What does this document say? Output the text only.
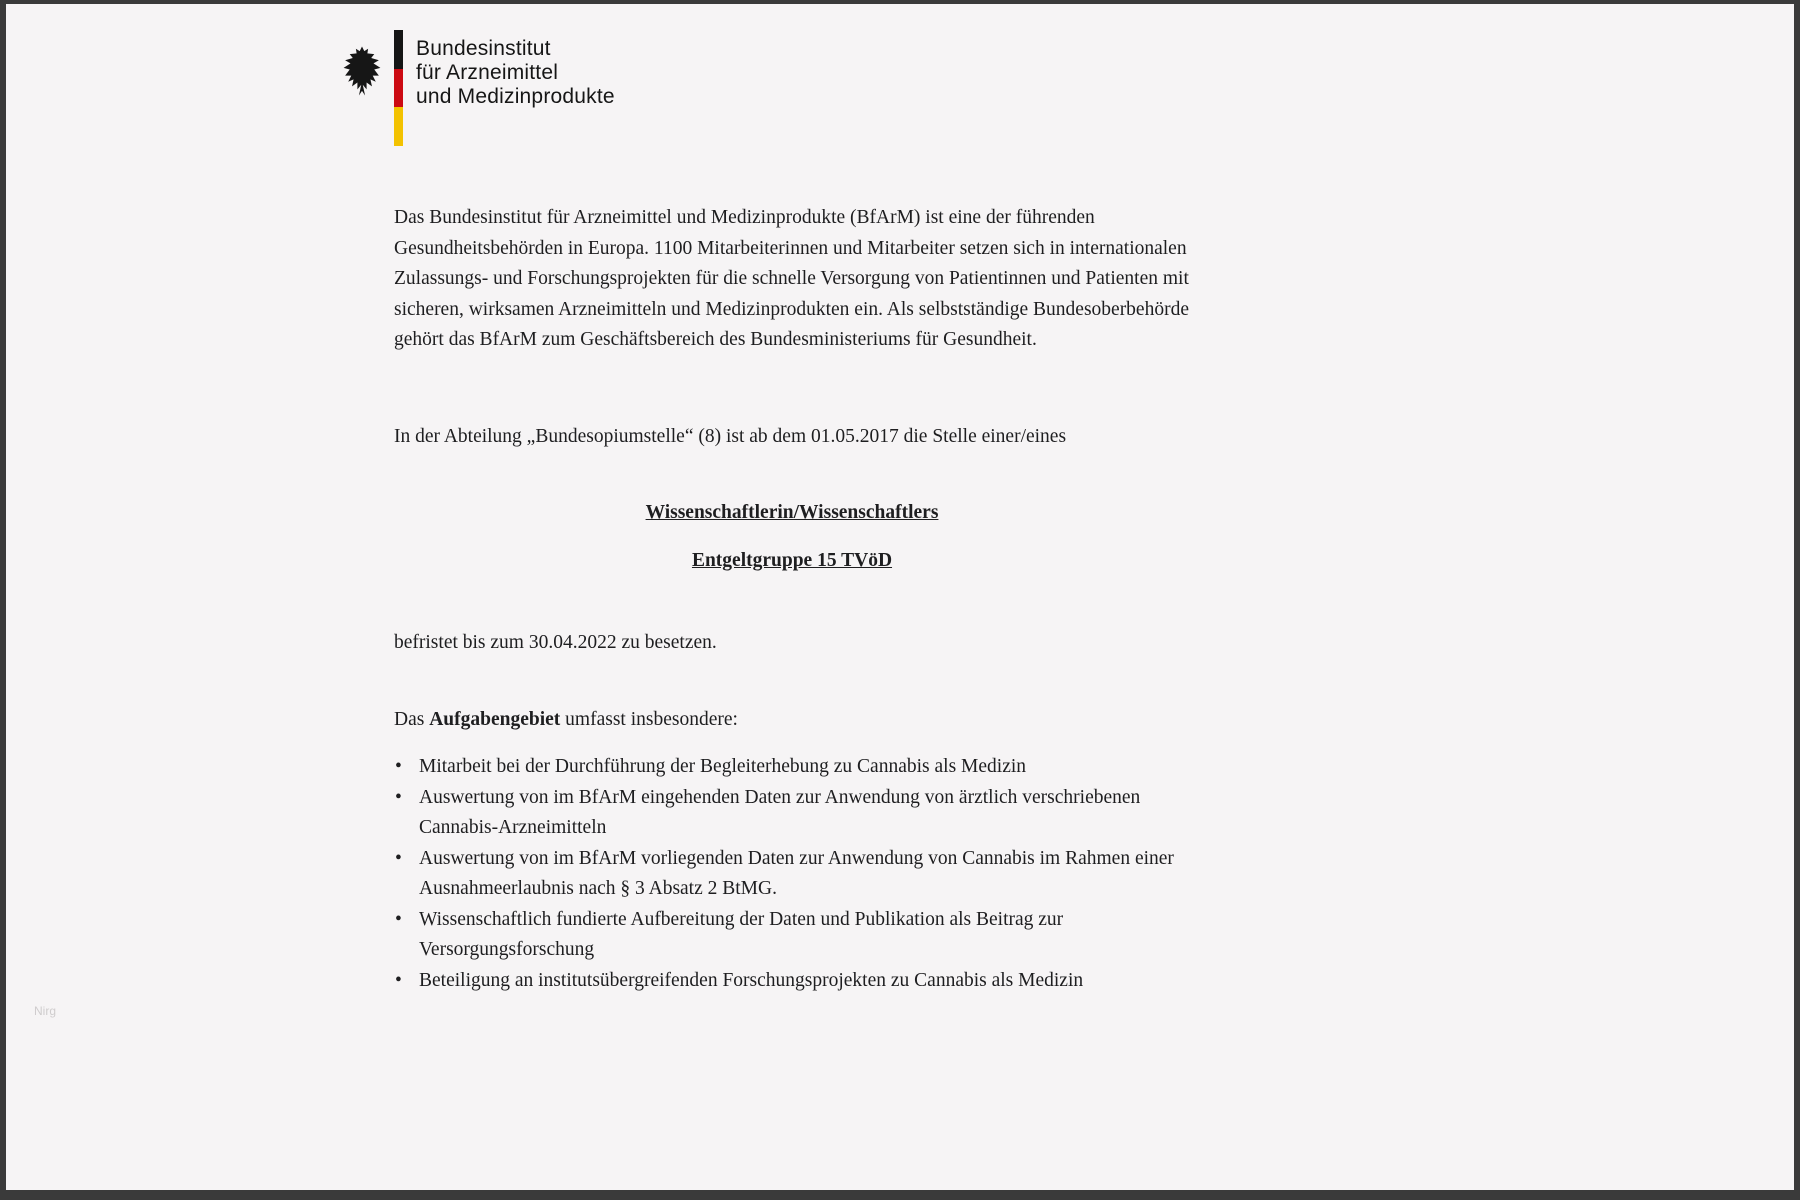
Bundesinstitut
für Arzneimittel
und Medizinprodukte

Das Bundesinstitut für Arzneimittel und Medizinprodukte (BfArM) ist eine der führenden Gesundheitsbehörden in Europa. 1100 Mitarbeiterinnen und Mitarbeiter setzen sich in internationalen Zulassungs- und Forschungsprojekten für die schnelle Versorgung von Patientinnen und Patienten mit sicheren, wirksamen Arzneimitteln und Medizinprodukten ein. Als selbstständige Bundesoberbehörde gehört das BfArM zum Geschäftsbereich des Bundesministeriums für Gesundheit.

In der Abteilung „Bundesopiumstelle“ (8) ist ab dem 01.05.2017 die Stelle einer/eines

Wissenschaftlerin/Wissenschaftlers

Entgeltgruppe 15 TVöD

befristet bis zum 30.04.2022 zu besetzen.

Das Aufgabengebiet umfasst insbesondere:

• Mitarbeit bei der Durchführung der Begleiterhebung zu Cannabis als Medizin
• Auswertung von im BfArM eingehenden Daten zur Anwendung von ärztlich verschriebenen Cannabis-Arzneimitteln
• Auswertung von im BfArM vorliegenden Daten zur Anwendung von Cannabis im Rahmen einer Ausnahmeerlaubnis nach § 3 Absatz 2 BtMG.
• Wissenschaftlich fundierte Aufbereitung der Daten und Publikation als Beitrag zur Versorgungsforschung
• Beteiligung an institutsübergreifenden Forschungsprojekten zu Cannabis als Medizin
Nirg
